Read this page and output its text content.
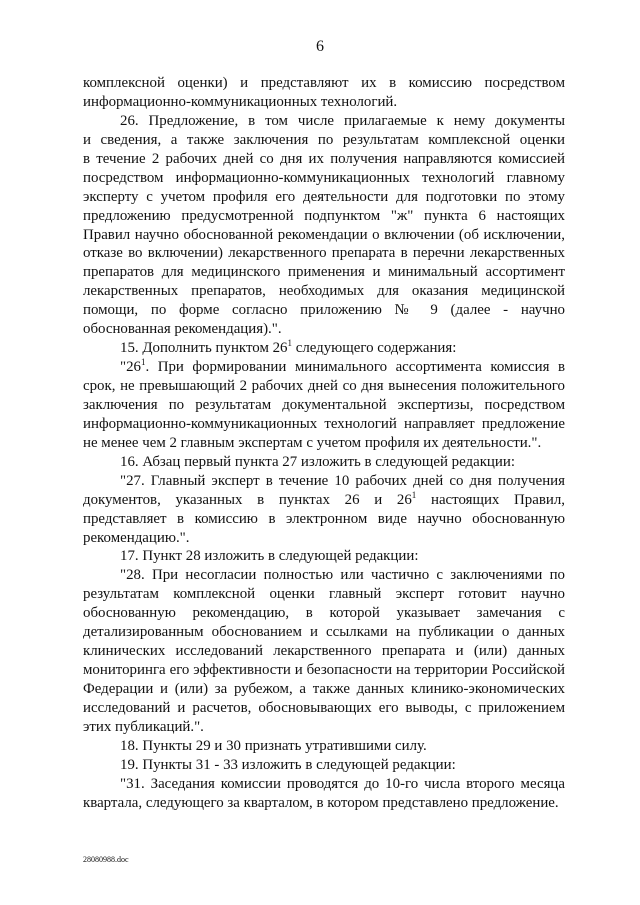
6
комплексной оценки) и представляют их в комиссию посредством
информационно-коммуникационных технологий.
26. Предложение, в том числе прилагаемые к нему документы
и сведения, а также заключения по результатам комплексной оценки
в течение 2 рабочих дней со дня их получения направляются комиссией
посредством информационно-коммуникационных технологий главному
эксперту с учетом профиля его деятельности для подготовки по этому
предложению предусмотренной подпунктом "ж" пункта 6 настоящих
Правил научно обоснованной рекомендации о включении (об исключении,
отказе во включении) лекарственного препарата в перечни лекарственных
препаратов для медицинского применения и минимальный ассортимент
лекарственных препаратов, необходимых для оказания медицинской
помощи, по форме согласно приложению № 9 (далее - научно
обоснованная рекомендация).".
15. Дополнить пунктом $26^1$ следующего содержания:
"$26^1$. При формировании минимального ассортимента комиссия в
срок, не превышающий 2 рабочих дней со дня вынесения положительного
заключения по результатам документальной экспертизы, посредством
информационно-коммуникационных технологий направляет предложение
не менее чем 2 главным экспертам с учетом профиля их деятельности.".
16. Абзац первый пункта 27 изложить в следующей редакции:
"27. Главный эксперт в течение 10 рабочих дней со дня получения
документов, указанных в пунктах 26 и $26^1$ настоящих Правил,
представляет в комиссию в электронном виде научно обоснованную
рекомендацию.".
17. Пункт 28 изложить в следующей редакции:
"28. При несогласии полностью или частично с заключениями по
результатам комплексной оценки главный эксперт готовит научно
обоснованную рекомендацию, в которой указывает замечания с
детализированным обоснованием и ссылками на публикации о данных
клинических исследований лекарственного препарата и (или) данных
мониторинга его эффективности и безопасности на территории Российской
Федерации и (или) за рубежом, а также данных клинико-экономических
исследований и расчетов, обосновывающих его выводы, с приложением
этих публикаций.".
18. Пункты 29 и 30 признать утратившими силу.
19. Пункты 31 - 33 изложить в следующей редакции:
"31. Заседания комиссии проводятся до 10-го числа второго месяца
квартала, следующего за кварталом, в котором представлено предложение.
28080988.doc
